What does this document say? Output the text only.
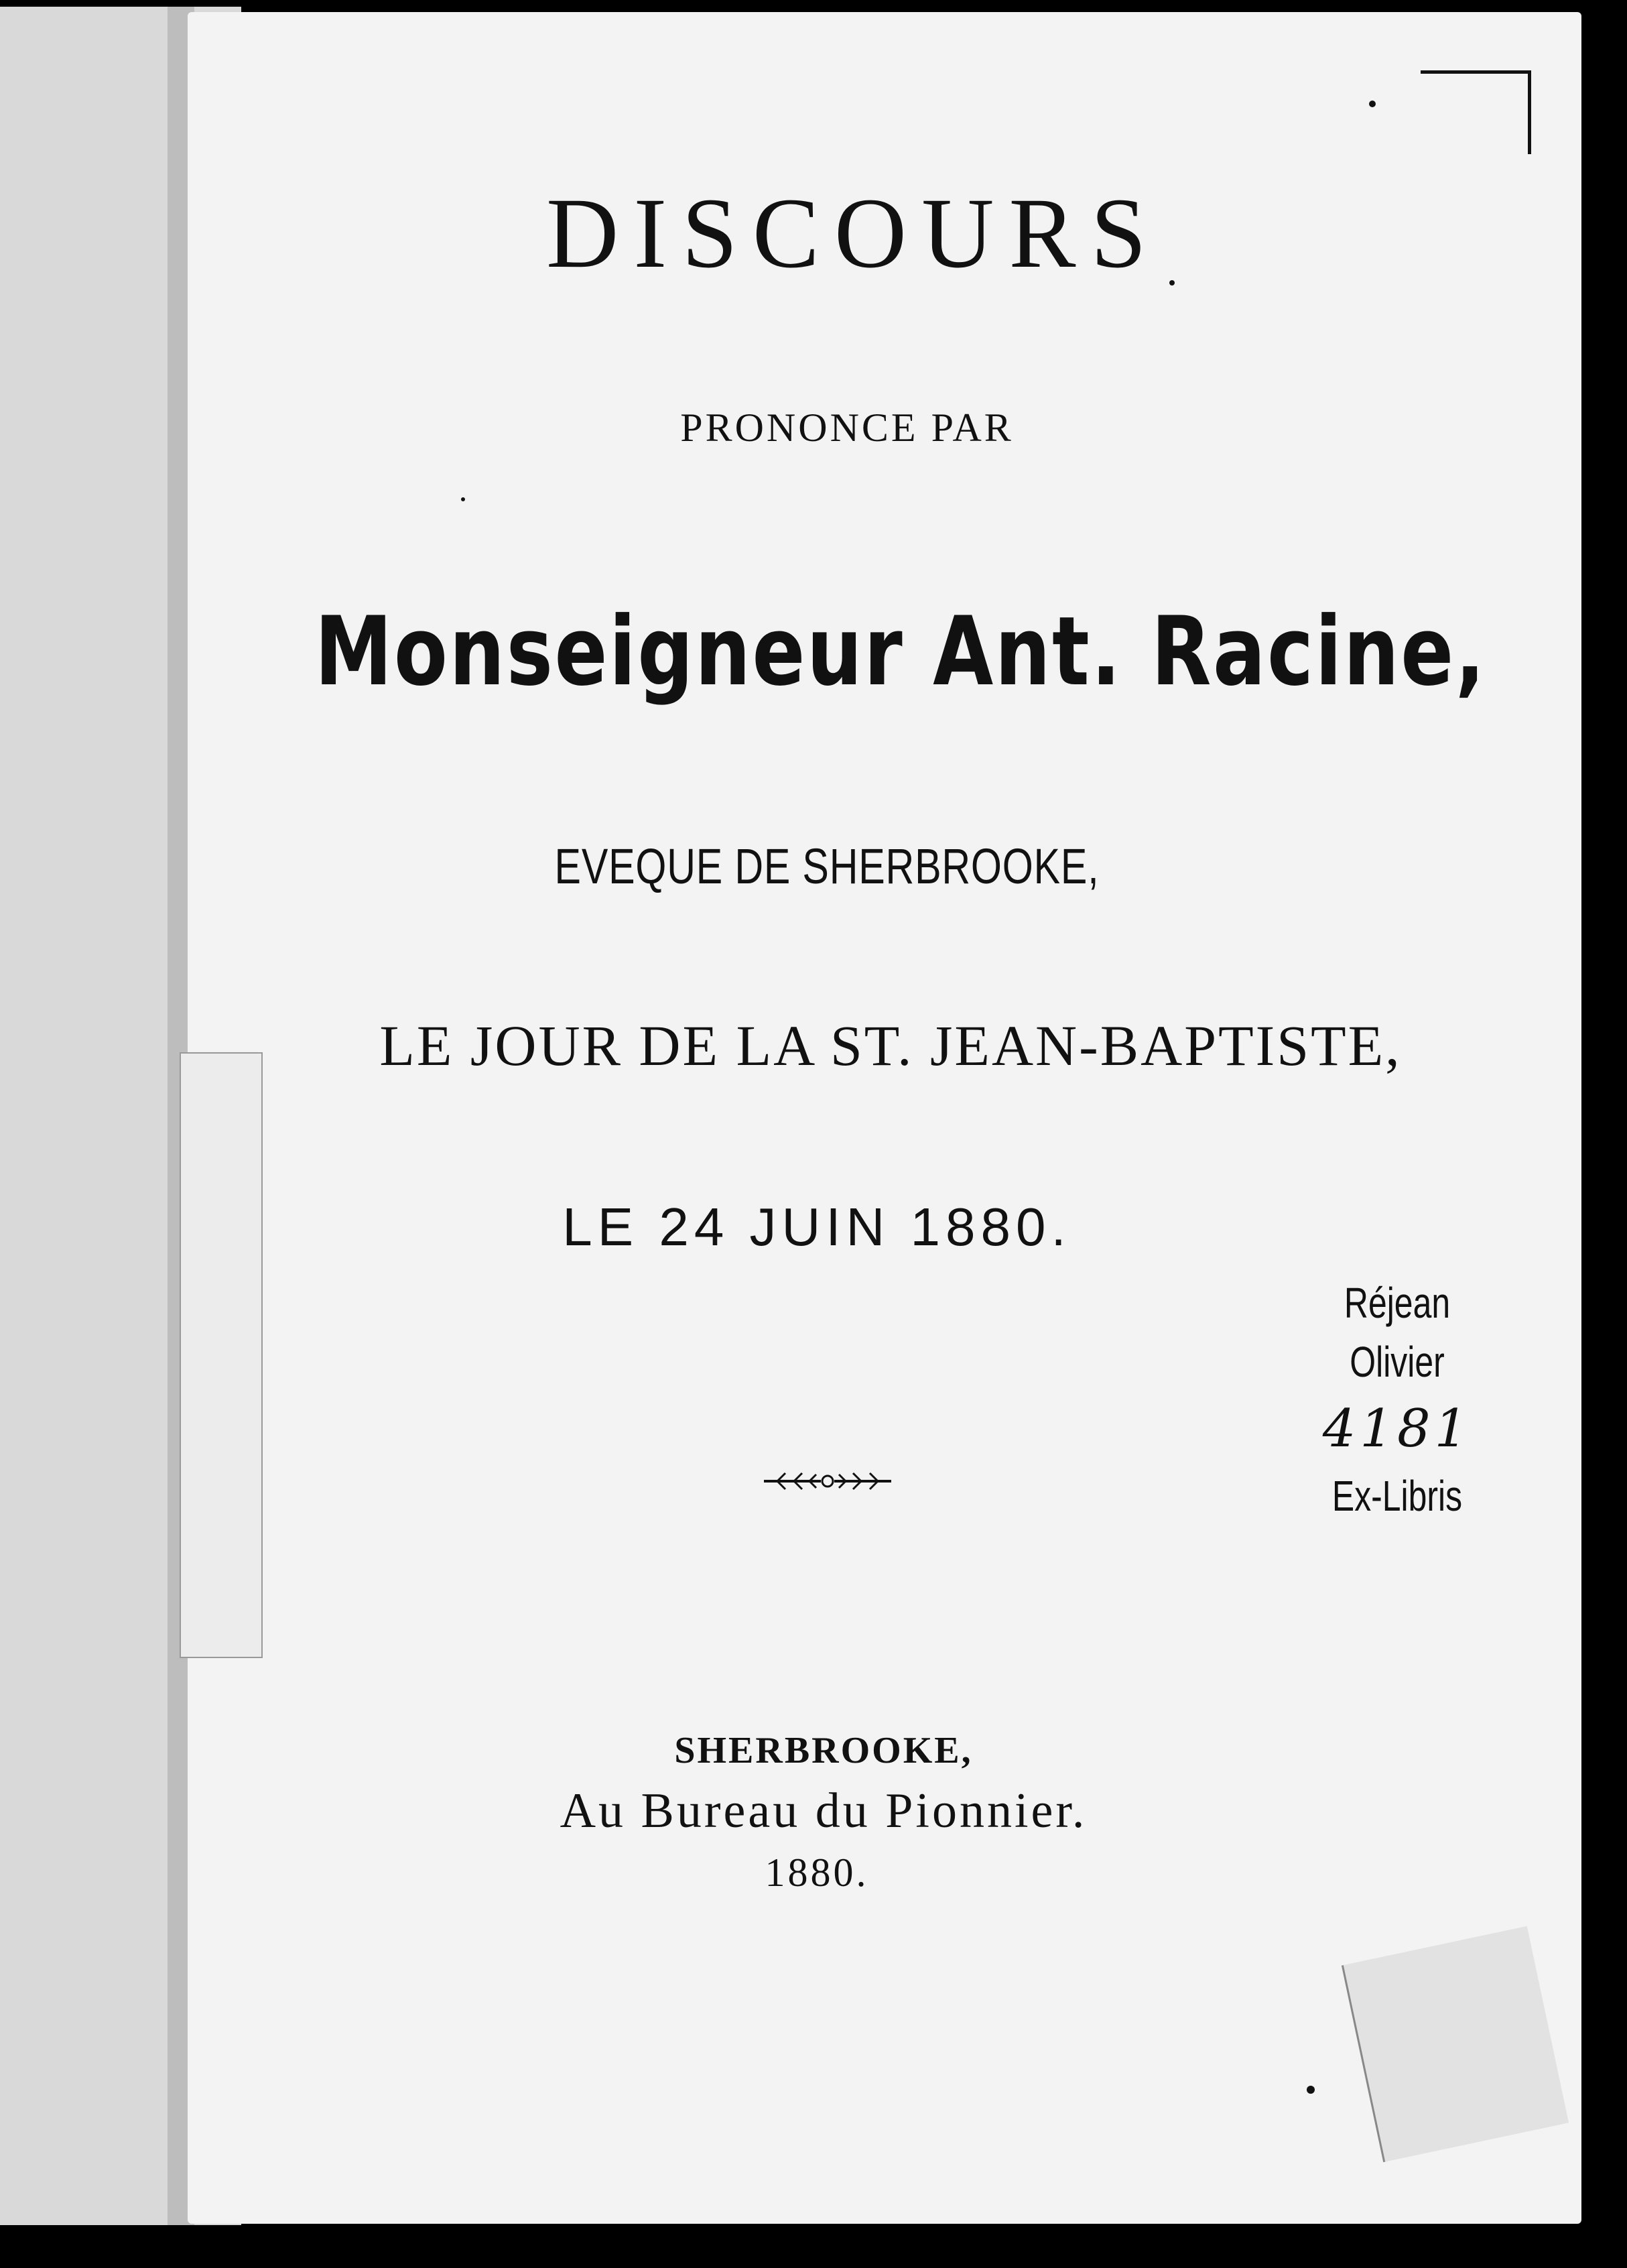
DISCOURS
PRONONCE PAR
Monseigneur Ant. Racine,
EVEQUE DE SHERBROOKE,
LE JOUR DE LA ST. JEAN-BAPTISTE,
LE 24 JUIN 1880.
SHERBROOKE,
Au Bureau du Pionnier.
1880.
Réjean
Olivier
4181
Ex-Libris
